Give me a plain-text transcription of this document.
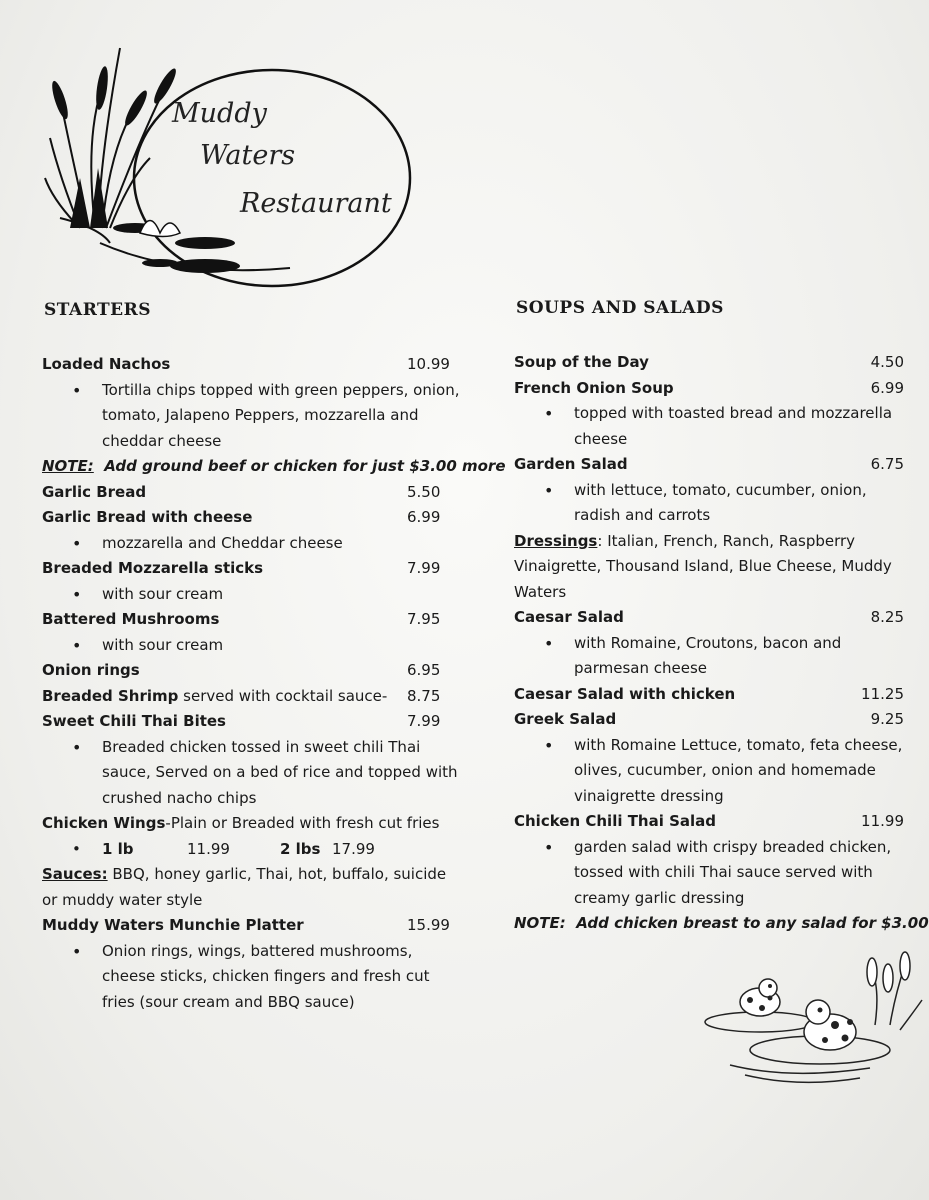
Muddy
Waters
Restaurant
STARTERS
Loaded Nachos	10.99
• Tortilla chips topped with green peppers, onion, tomato, Jalapeno Peppers, mozzarella and cheddar cheese
NOTE: Add ground beef or chicken for just $3.00 more
Garlic Bread	5.50
Garlic Bread with cheese	6.99
• mozzarella and Cheddar cheese
Breaded Mozzarella sticks	7.99
• with sour cream
Battered Mushrooms	7.95
• with sour cream
Onion rings	6.95
Breaded Shrimp served with cocktail sauce- 8.75
Sweet Chili Thai Bites	7.99
• Breaded chicken tossed in sweet chili Thai sauce, Served on a bed of rice and topped with crushed nacho chips
Chicken Wings-Plain or Breaded with fresh cut fries
• 1 lb	11.99	2 lbs 17.99
Sauces: BBQ, honey garlic, Thai, hot, buffalo, suicide or muddy water style
Muddy Waters Munchie Platter	15.99
• Onion rings, wings, battered mushrooms, cheese sticks, chicken fingers and fresh cut fries (sour cream and BBQ sauce)
SOUPS AND SALADS
Soup of the Day	4.50
French Onion Soup	6.99
• topped with toasted bread and mozzarella cheese
Garden Salad	6.75
• with lettuce, tomato, cucumber, onion, radish and carrots
Dressings: Italian, French, Ranch, Raspberry Vinaigrette, Thousand Island, Blue Cheese, Muddy Waters
Caesar Salad	8.25
• with Romaine, Croutons, bacon and parmesan cheese
Caesar Salad with chicken	11.25
Greek Salad	9.25
• with Romaine Lettuce, tomato, feta cheese, olives, cucumber, onion and homemade vinaigrette dressing
Chicken Chili Thai Salad	11.99
• garden salad with crispy breaded chicken, tossed with chili Thai sauce served with creamy garlic dressing
NOTE: Add chicken breast to any salad for $3.00
